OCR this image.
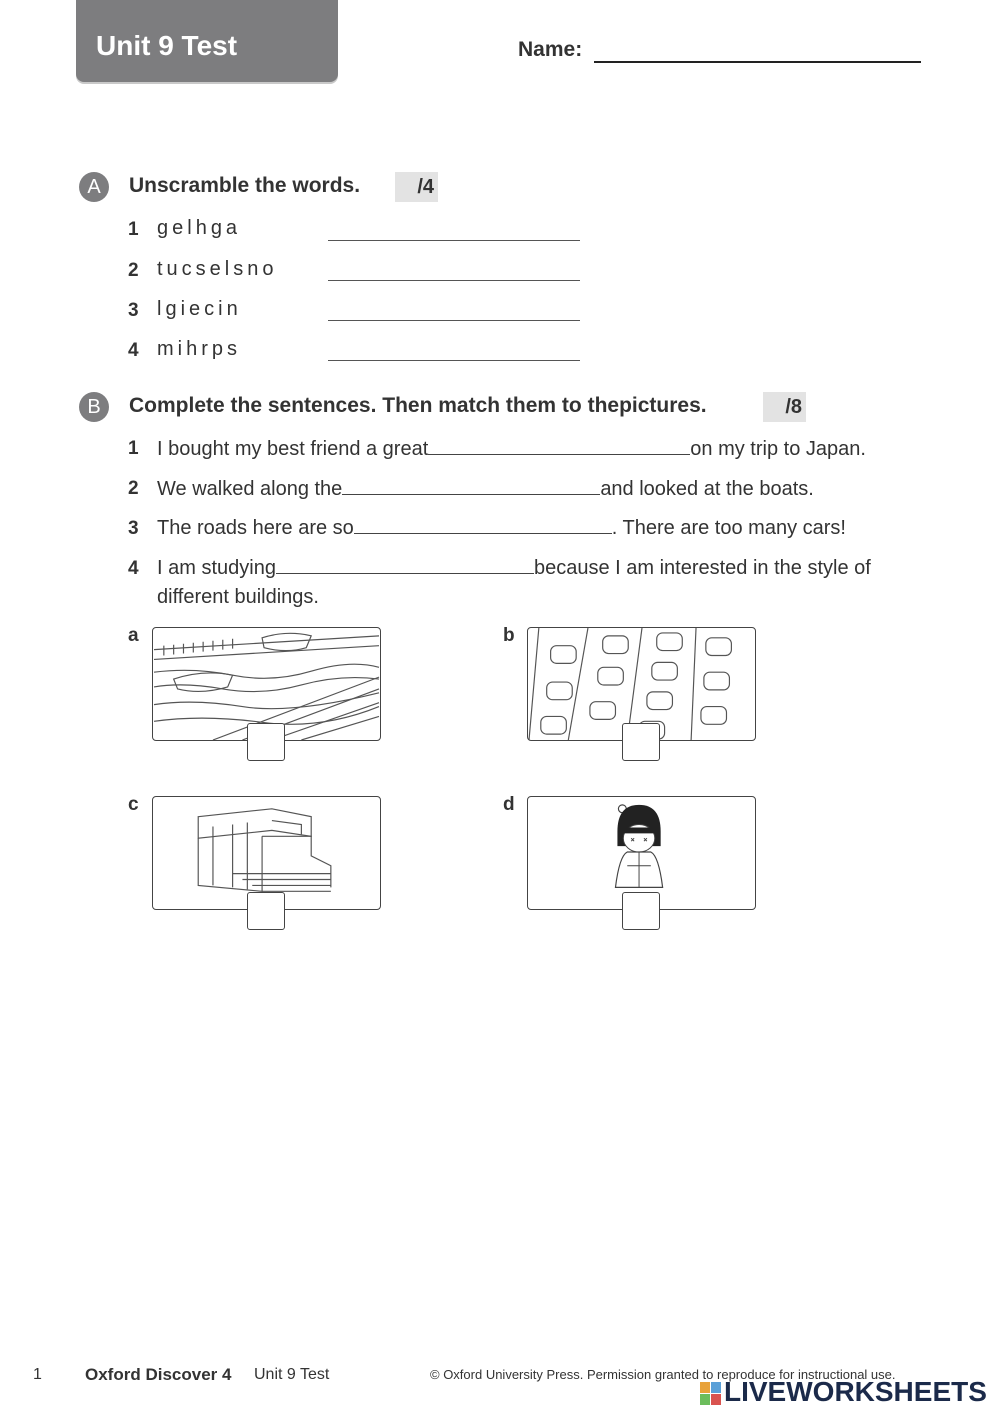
Unit 9 Test	Name:
A	Unscramble the words.	/4
1 gelhga
2 tucselsno
3 lgiecin
4 mihrps
B	Complete the sentences. Then match them to thepictures.	/8
1 I bought my best friend a great	on my trip to Japan.
2 We walked along the	and looked at the boats.
3 The roads here are so	. There are too many cars!
4 I am studying	because I am interested in the style of
different buildings.
a	b
c	d
1	Oxford Discover 4 Unit 9 Test	© Oxford University Press. Permission granted to reproduce for instructional use.
LIVEWORKSHEETS
